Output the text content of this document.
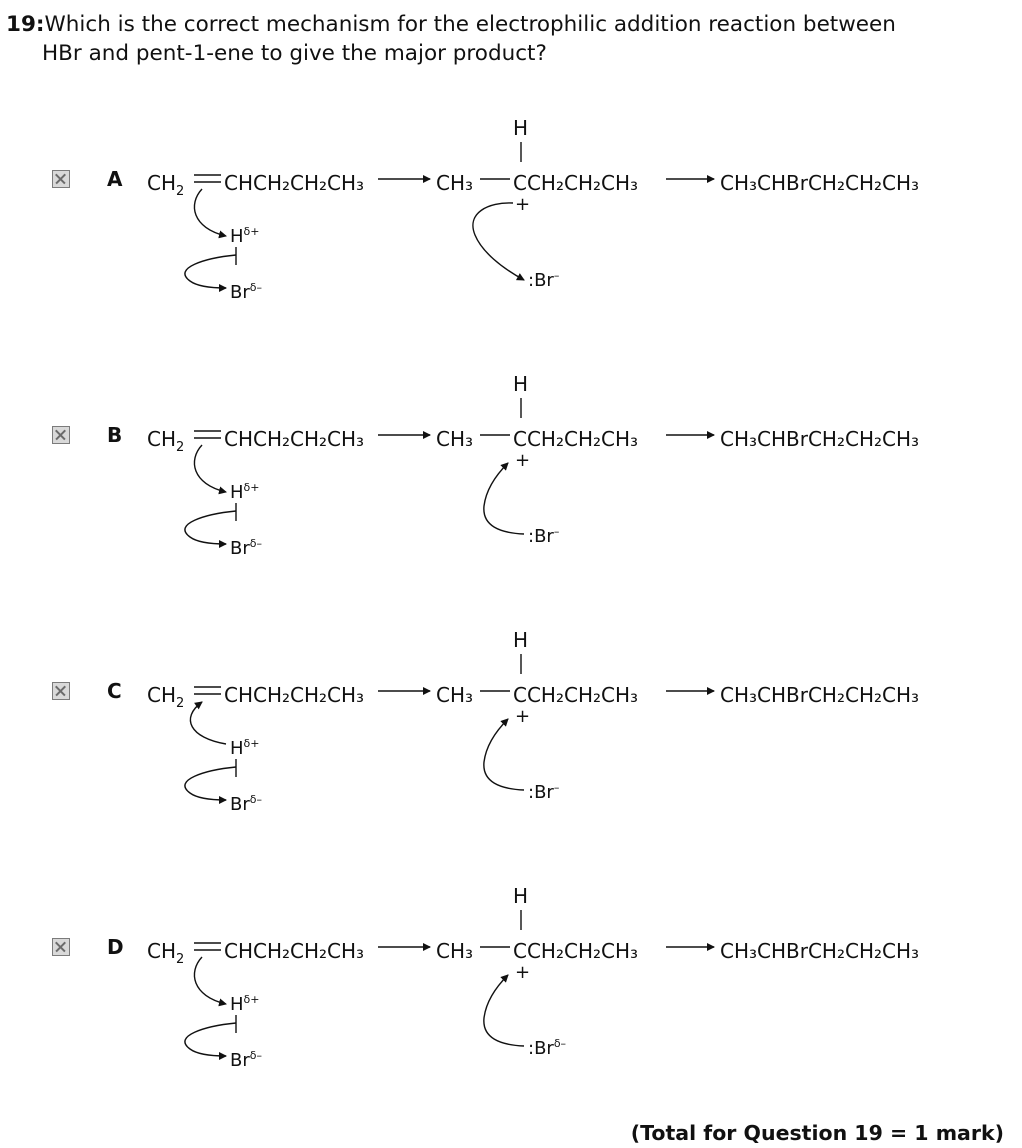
19:Which is the correct mechanism for the electrophilic addition reaction between
HBr and pent-1-ene to give the major product?
A $CH_2$ CHCH₂CH₂CH₃
$H^{\delta+}$
$Br^{\delta-}$
CH₃
H
CCH₂CH₂CH₃
+
:Br–
CH₃CHBrCH₂CH₂CH₃
B $CH_2$ CHCH₂CH₂CH₃
$H^{\delta+}$
$Br^{\delta-}$
CH₃
H
CCH₂CH₂CH₃
+
:Br–
CH₃CHBrCH₂CH₂CH₃
C $CH_2$ CHCH₂CH₂CH₃
$H^{\delta+}$
$Br^{\delta-}$
CH₃
H
CCH₂CH₂CH₃
+
:Br–
CH₃CHBrCH₂CH₂CH₃
D $CH_2$ CHCH₂CH₂CH₃
$H^{\delta+}$
$Br^{\delta-}$
CH₃
H
CCH₂CH₂CH₃
+
$:Br^{\delta-}$
CH₃CHBrCH₂CH₂CH₃
(Total for Question 19 = 1 mark)
